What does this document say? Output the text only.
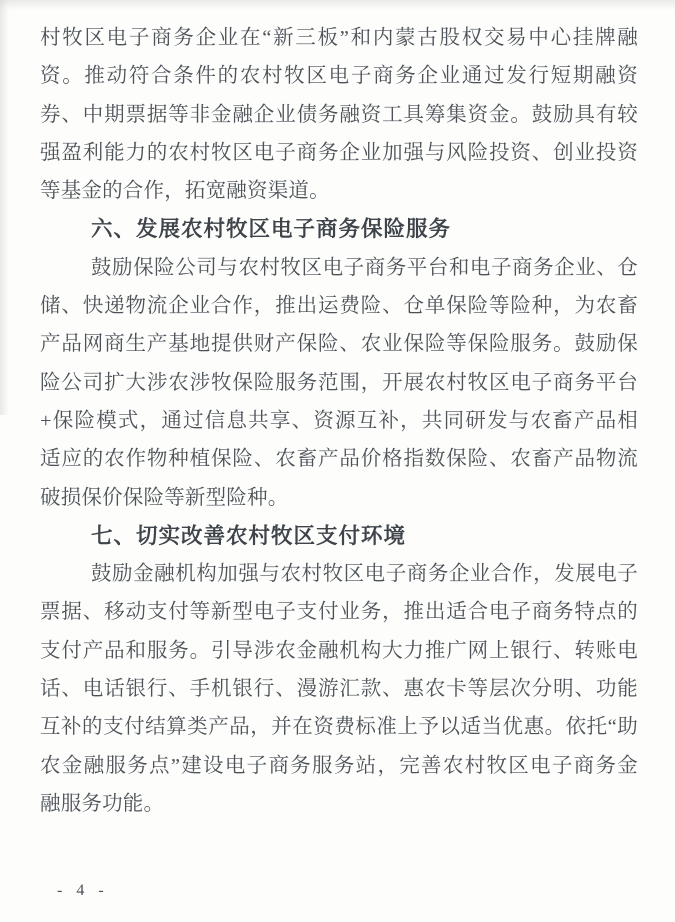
村牧区电子商务企业在“新三板”和内蒙古股权交易中心挂牌融
资。推动符合条件的农村牧区电子商务企业通过发行短期融资
券、中期票据等非金融企业债务融资工具筹集资金。鼓励具有较
强盈利能力的农村牧区电子商务企业加强与风险投资、创业投资
等基金的合作，拓宽融资渠道。
六、发展农村牧区电子商务保险服务
鼓励保险公司与农村牧区电子商务平台和电子商务企业、仓
储、快递物流企业合作，推出运费险、仓单保险等险种，为农畜
产品网商生产基地提供财产保险、农业保险等保险服务。鼓励保
险公司扩大涉农涉牧保险服务范围，开展农村牧区电子商务平台
+保险模式，通过信息共享、资源互补，共同研发与农畜产品相
适应的农作物种植保险、农畜产品价格指数保险、农畜产品物流
破损保价保险等新型险种。
七、切实改善农村牧区支付环境
鼓励金融机构加强与农村牧区电子商务企业合作，发展电子
票据、移动支付等新型电子支付业务，推出适合电子商务特点的
支付产品和服务。引导涉农金融机构大力推广网上银行、转账电
话、电话银行、手机银行、漫游汇款、惠农卡等层次分明、功能
互补的支付结算类产品，并在资费标准上予以适当优惠。依托“助
农金融服务点”建设电子商务服务站，完善农村牧区电子商务金
融服务功能。
- 4 -
